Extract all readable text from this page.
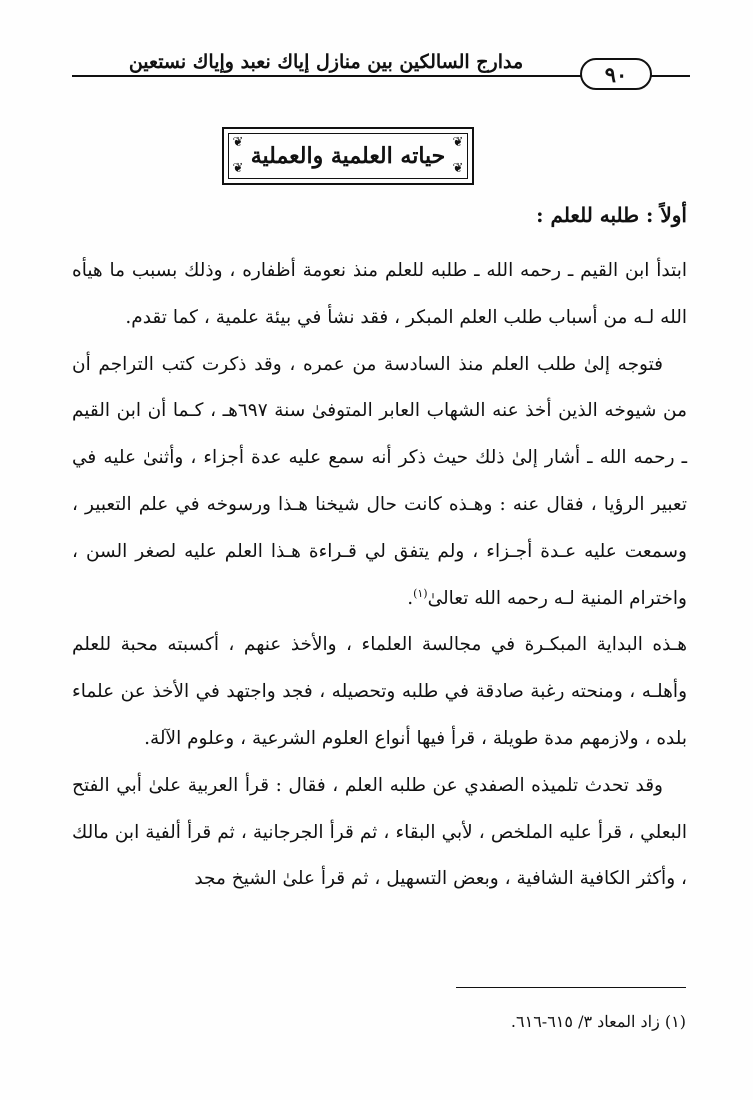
مدارج السالكين بين منازل إياك نعبد وإياك نستعين	٩٠
❦	❦
❦	❦
حياته العلمية والعملية
أولاً : طلبه للعلم :

ابتدأ ابن القيم ـ رحمه الله ـ طلبه للعلم منذ نعومة أظفاره ، وذلك بسبب ما هيأه الله لـه من أسباب طلب العلم المبكر ، فقد نشأ في بيئة علمية ، كما تقدم.

فتوجه إلىٰ طلب العلم منذ السادسة من عمره ، وقد ذكرت كتب التراجم أن من شيوخه الذين أخذ عنه الشهاب العابر المتوفىٰ سنة ٦٩٧هـ ، كـما أن ابن القيم ـ رحمه الله ـ أشار إلىٰ ذلك حيث ذكر أنه سمع عليه عدة أجزاء ، وأثنىٰ عليه في تعبير الرؤيا ، فقال عنه : وهـذه كانت حال شيخنا هـذا ورسوخه في علم التعبير ، وسمعت عليه عـدة أجـزاء ، ولم يتفق لي قـراءة هـذا العلم عليه لصغر السن ، واخترام المنية لـه رحمه الله تعالىٰ$^{(١)}$.

هـذه البداية المبكـرة في مجالسة العلماء ، والأخذ عنهم ، أكسبته محبة للعلم وأهلـه ، ومنحته رغبة صادقة في طلبه وتحصيله ، فجد واجتهد في الأخذ عن علماء بلده ، ولازمهم مدة طويلة ، قرأ فيها أنواع العلوم الشرعية ، وعلوم الآلة.

وقد تحدث تلميذه الصفدي عن طلبه العلم ، فقال : قرأ العربية علىٰ أبي الفتح البعلي ، قرأ عليه الملخص ، لأبي البقاء ، ثم قرأ الجرجانية ، ثم قرأ ألفية ابن مالك ، وأكثر الكافية الشافية ، وبعض التسهيل ، ثم قرأ علىٰ الشيخ مجد

(١) زاد المعاد ٣/ ٦١٥-٦١٦.
